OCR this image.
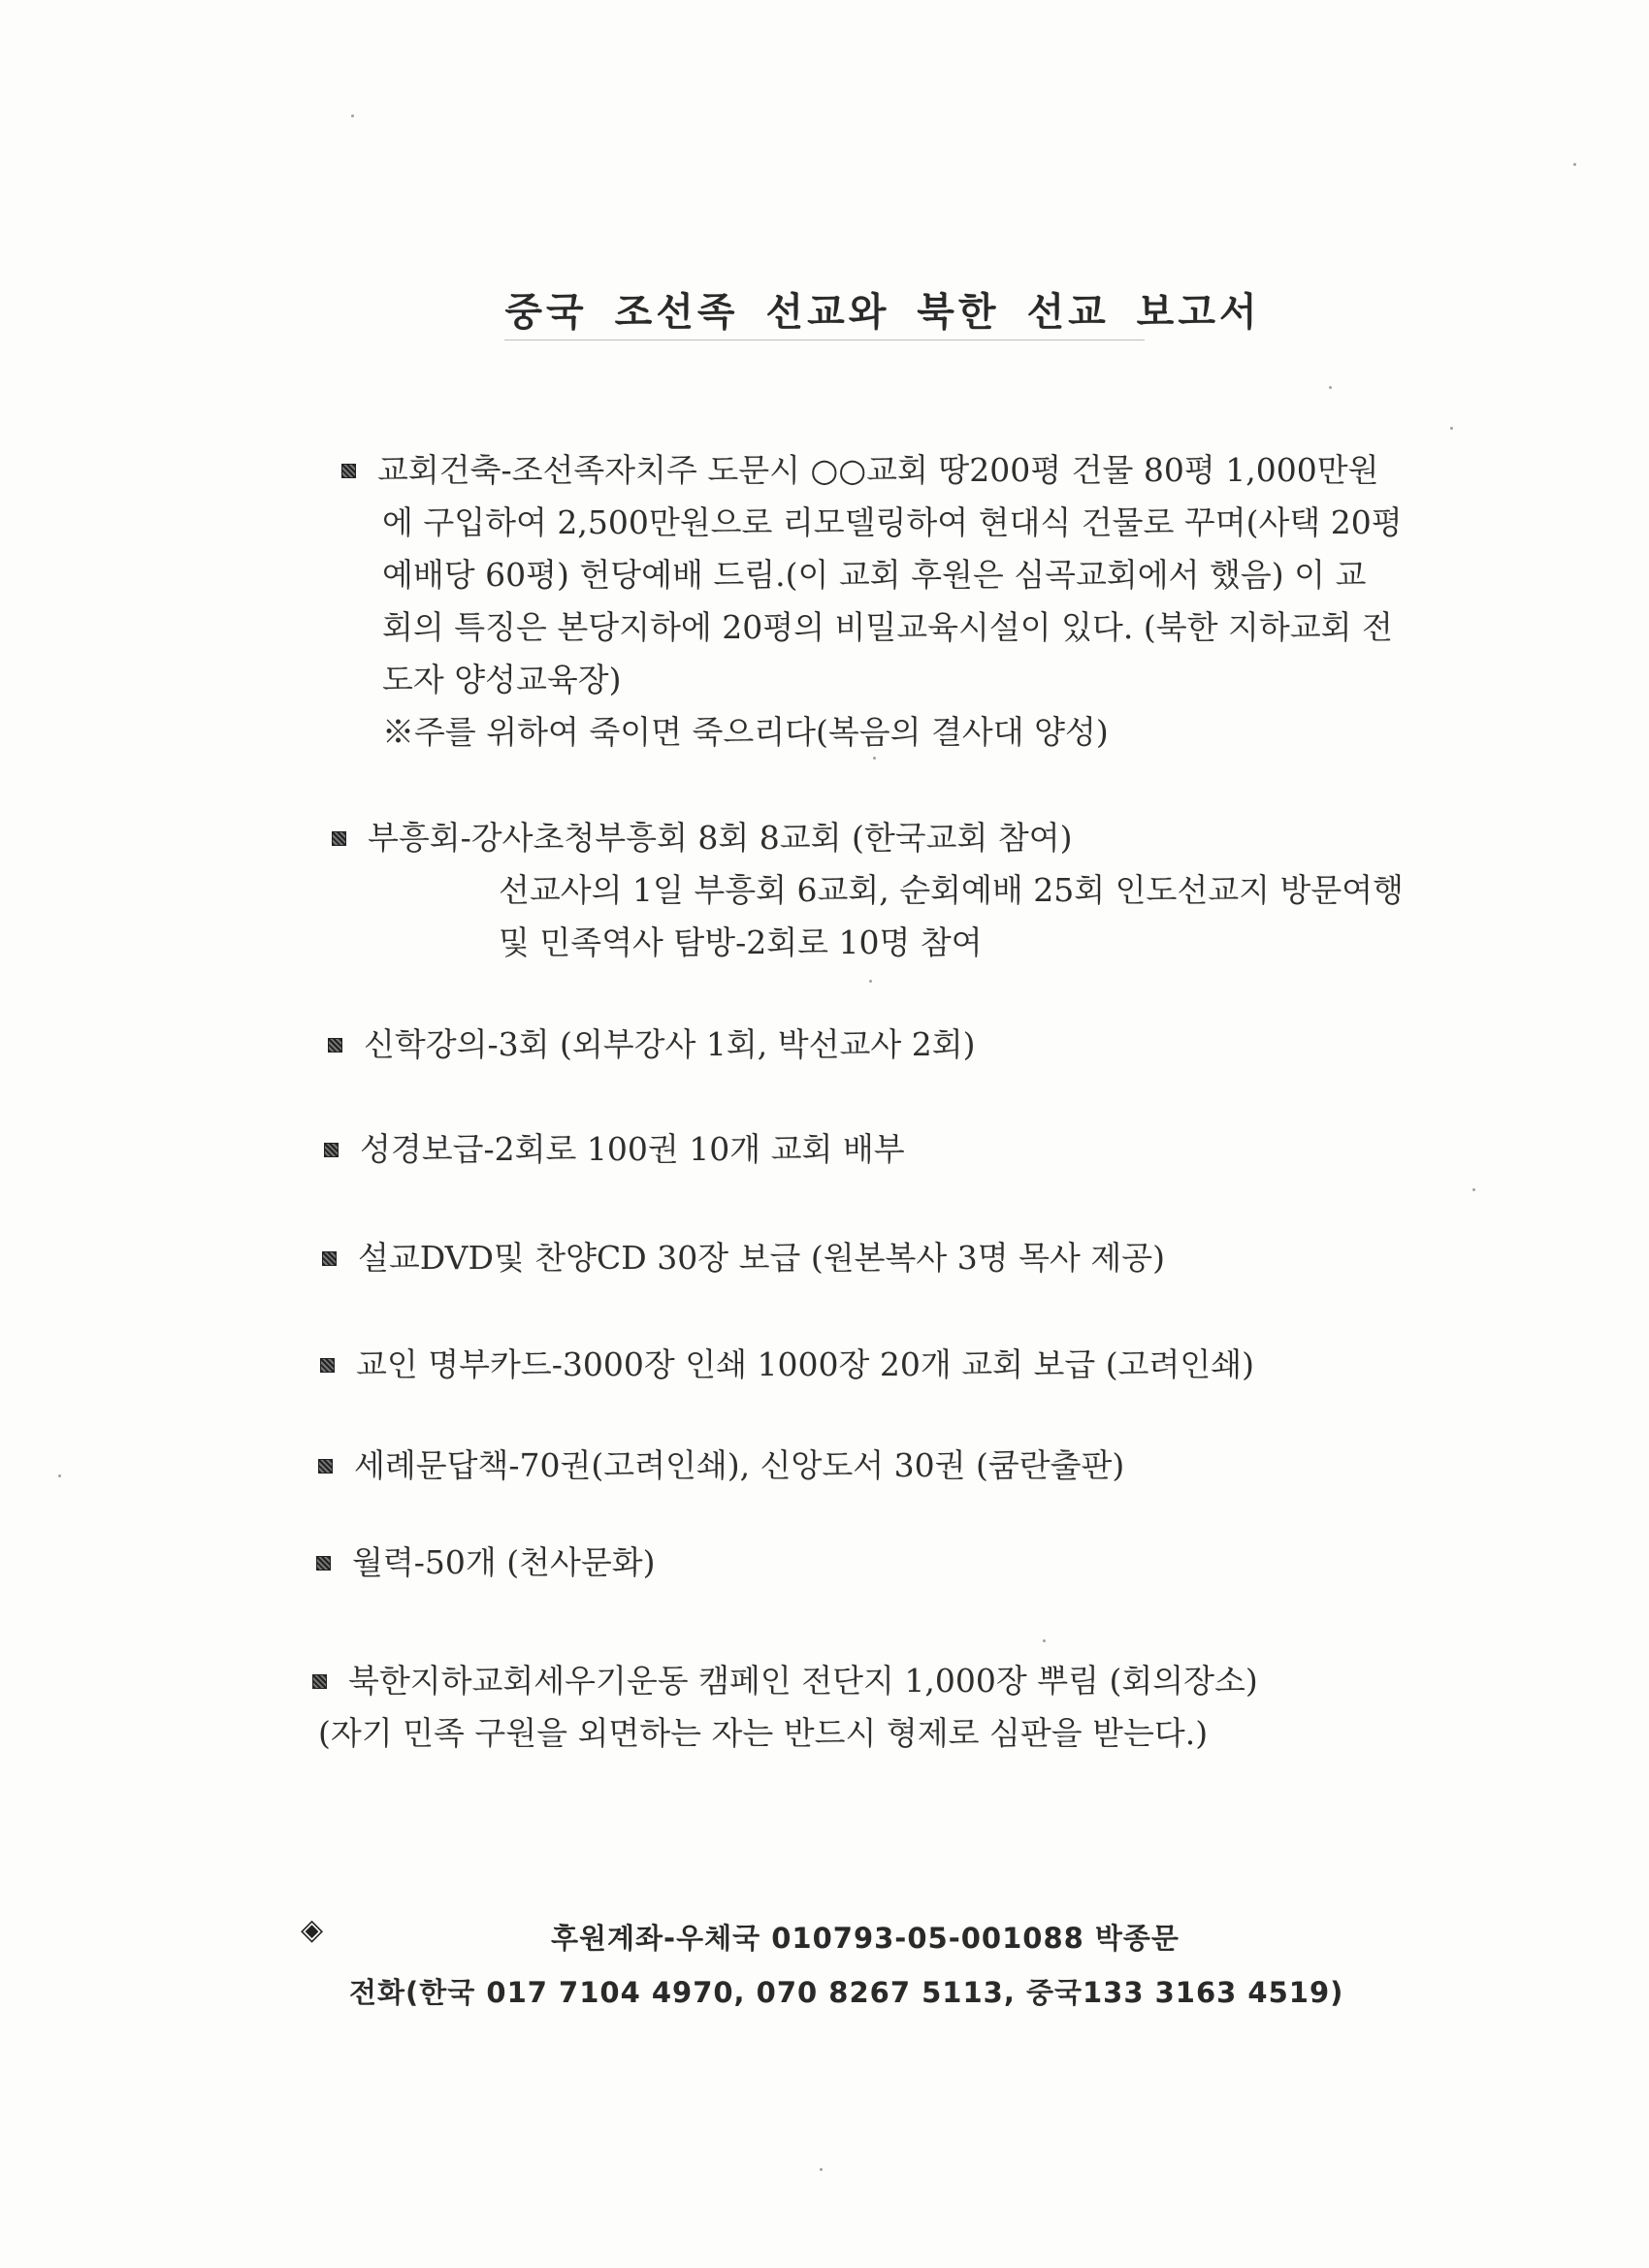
중국 조선족 선교와 북한 선교 보고서
교회건축-조선족자치주 도문시 ○○교회 땅200평 건물 80평 1,000만원
에 구입하여 2,500만원으로 리모델링하여 현대식 건물로 꾸며(사택 20평
예배당 60평) 헌당예배 드림.(이 교회 후원은 심곡교회에서 했음) 이 교
회의 특징은 본당지하에 20평의 비밀교육시설이 있다. (북한 지하교회 전
도자 양성교육장)
※주를 위하여 죽이면 죽으리다(복음의 결사대 양성)
부흥회-강사초청부흥회 8회 8교회 (한국교회 참여)
선교사의 1일 부흥회 6교회, 순회예배 25회 인도선교지 방문여행
및 민족역사 탐방-2회로 10명 참여
신학강의-3회 (외부강사 1회, 박선교사 2회)
성경보급-2회로 100권 10개 교회 배부
설교DVD및 찬양CD 30장 보급 (원본복사 3명 목사 제공)
교인 명부카드-3000장 인쇄 1000장 20개 교회 보급 (고려인쇄)
세례문답책-70권(고려인쇄), 신앙도서 30권 (쿰란출판)
월력-50개 (천사문화)
북한지하교회세우기운동 캠페인 전단지 1,000장 뿌림 (회의장소)
(자기 민족 구원을 외면하는 자는 반드시 형제로 심판을 받는다.)
◈	후원계좌-우체국 010793-05-001088 박종문
전화(한국 017 7104 4970, 070 8267 5113, 중국133 3163 4519)
